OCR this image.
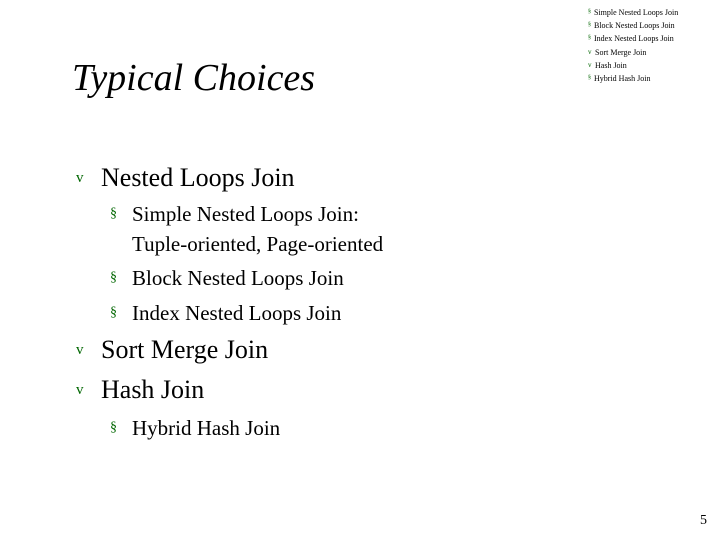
§ Simple Nested Loops Join
§ Block Nested Loops Join
§ Index Nested Loops Join
v Sort Merge Join
v Hash Join
§ Hybrid Hash Join
Typical Choices
v Nested Loops Join
§ Simple Nested Loops Join:
Tuple-oriented, Page-oriented
§ Block Nested Loops Join
§ Index Nested Loops Join
v Sort Merge Join
v Hash Join
§ Hybrid Hash Join
5
